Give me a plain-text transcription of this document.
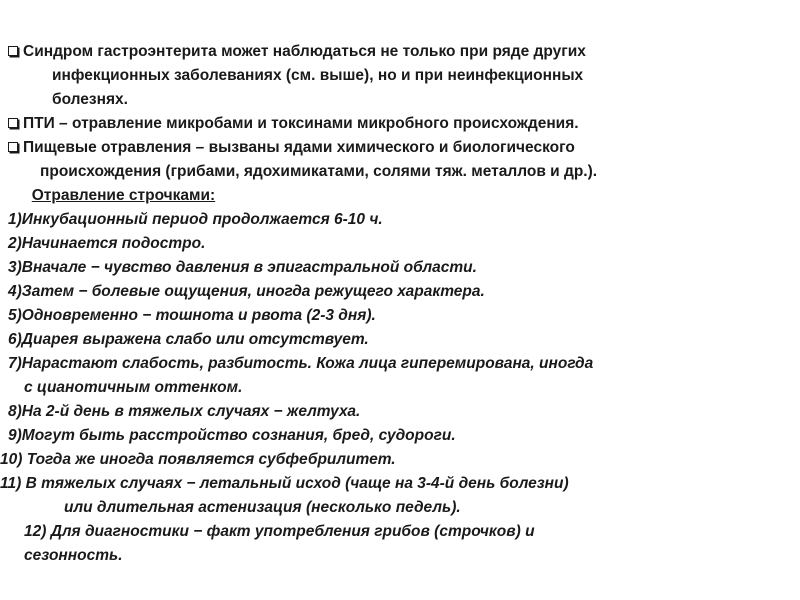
Синдром гастроэнтерита может наблюдаться не только при ряде других
инфекционных заболеваниях (см. выше), но и при неинфекционных
болезнях.
ПТИ – отравление микробами и токсинами микробного происхождения.
Пищевые отравления – вызваны ядами химического и биологического
происхождения (грибами, ядохимикатами, солями тяж. металлов и др.).
 Отравление строчками:
1)Инкубационный период продолжается 6-10 ч.
2)Начинается подостро.
3)Вначале − чувство давления в эпигастральной области.
4)Затем − болевые ощущения, иногда режущего характера.
5)Одновременно − тошнота и рвота (2-3 дня).
6)Диарея выражена слабо или отсутствует.
7)Нарастают слабость, разбитость. Кожа лица гиперемирована, иногда
с цианотичным оттенком.
8)На 2-й день в тяжелых случаях − желтуха.
9)Могут быть расстройство сознания, бред, судороги.
10) Тогда же иногда появляется субфебрилитет.
11) В тяжелых случаях − летальный исход (чаще на 3-4-й день болезни)
или длительная астенизация (несколько педель).
12) Для диагностики − факт употребления грибов (строчков) и
сезонность.
